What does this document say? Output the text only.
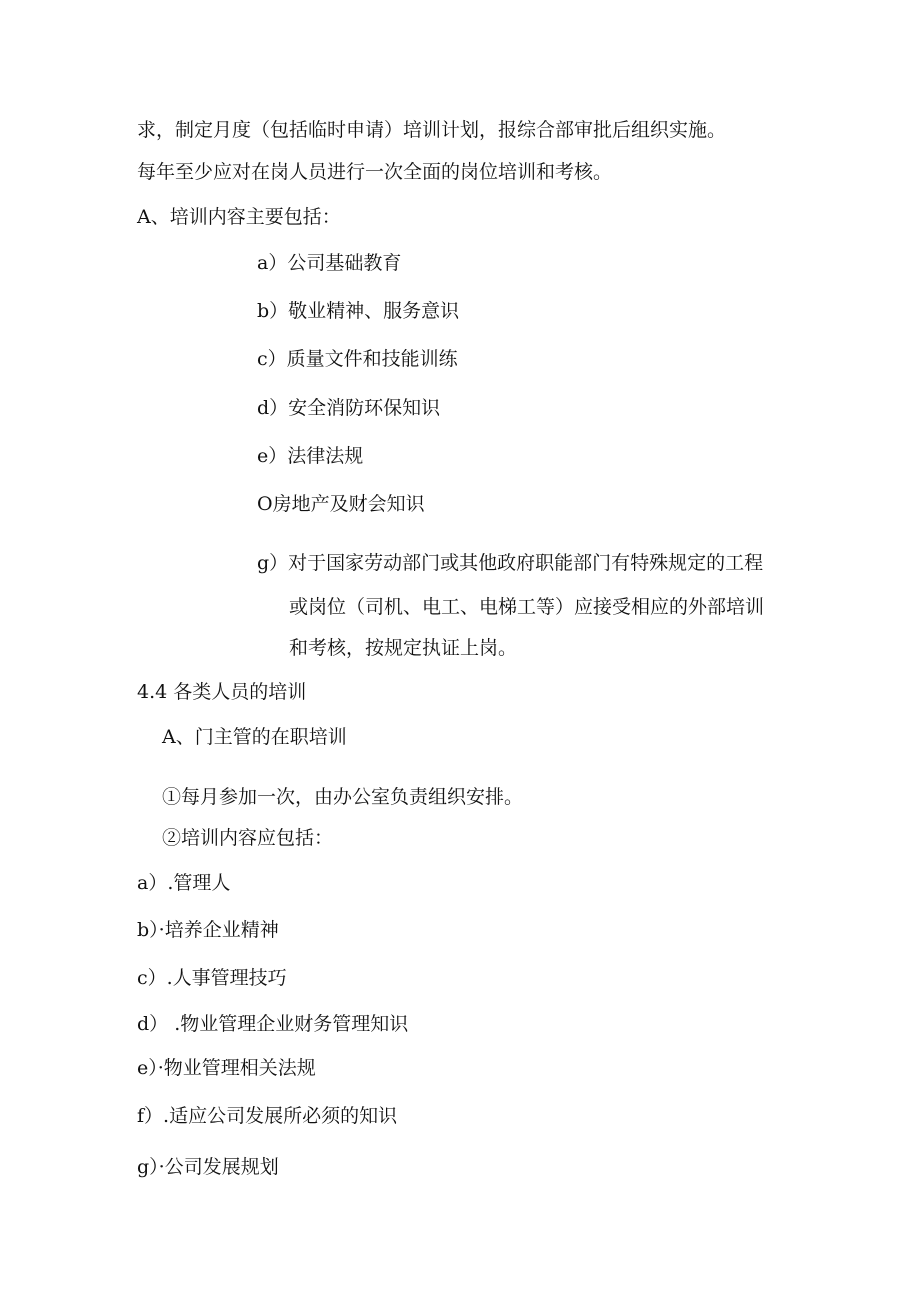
求，制定月度（包括临时申请）培训计划，报综合部审批后组织实施。
每年至少应对在岗人员进行一次全面的岗位培训和考核。
A、培训内容主要包括：
a）公司基础教育
b）敬业精神、服务意识
c）质量文件和技能训练
d）安全消防环保知识
e）法律法规
O房地产及财会知识
g）对于国家劳动部门或其他政府职能部门有特殊规定的工程
或岗位（司机、电工、电梯工等）应接受相应的外部培训
和考核，按规定执证上岗。
4.4 各类人员的培训
A、门主管的在职培训
①每月参加一次，由办公室负责组织安排。
②培训内容应包括：
a）.管理人
b）·培养企业精神
c）.人事管理技巧
d） .物业管理企业财务管理知识
e）·物业管理相关法规
f）.适应公司发展所必须的知识
g）·公司发展规划
